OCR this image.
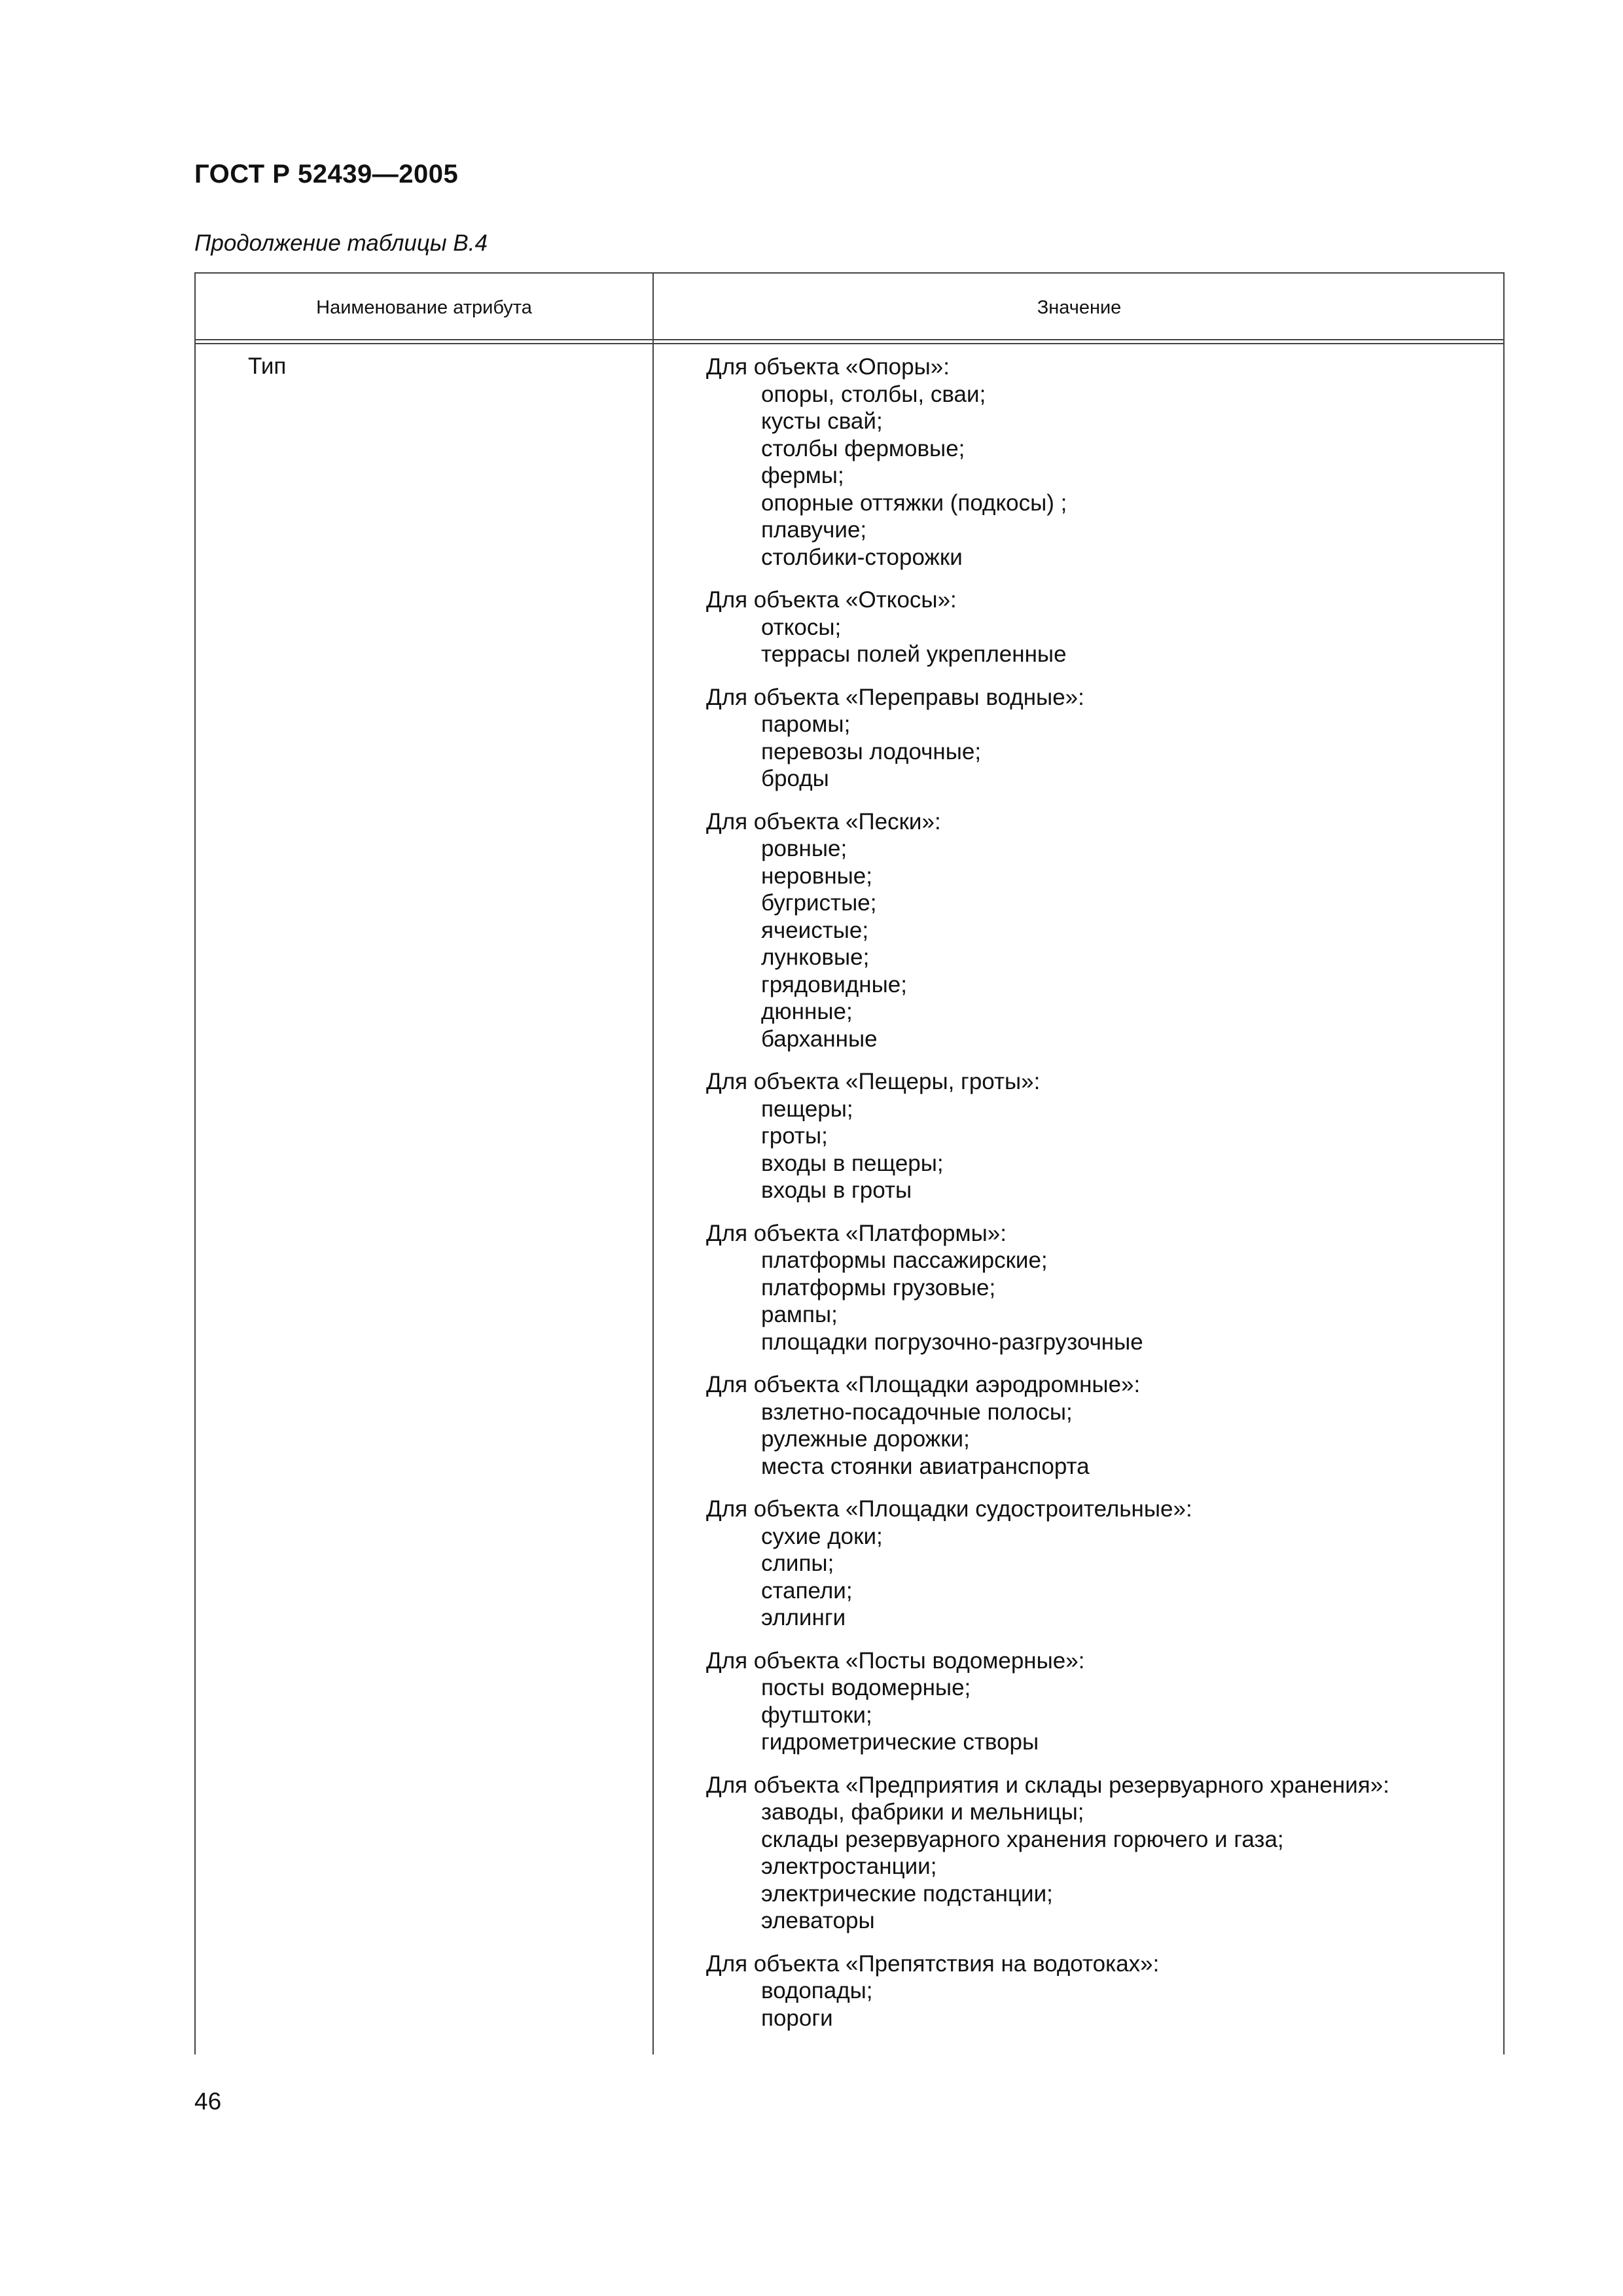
ГОСТ Р 52439—2005
Продолжение таблицы В.4
Наименование атрибута	Значение
Тип	Для объекта «Опоры»:
опоры, столбы, сваи;
кусты свай;
столбы фермовые;
фермы;
опорные оттяжки (подкосы) ;
плавучие;
столбики-сторожки
Для объекта «Откосы»:
откосы;
террасы полей укрепленные
Для объекта «Переправы водные»:
паромы;
перевозы лодочные;
броды
Для объекта «Пески»:
ровные;
неровные;
бугристые;
ячеистые;
лунковые;
грядовидные;
дюнные;
барханные
Для объекта «Пещеры, гроты»:
пещеры;
гроты;
входы в пещеры;
входы в гроты
Для объекта «Платформы»:
платформы пассажирские;
платформы грузовые;
рампы;
площадки погрузочно-разгрузочные
Для объекта «Площадки аэродромные»:
взлетно-посадочные полосы;
рулежные дорожки;
места стоянки авиатранспорта
Для объекта «Площадки судостроительные»:
сухие доки;
слипы;
стапели;
эллинги
Для объекта «Посты водомерные»:
посты водомерные;
футштоки;
гидрометрические створы
Для объекта «Предприятия и склады резервуарного хранения»:
заводы, фабрики и мельницы;
склады резервуарного хранения горючего и газа;
электростанции;
электрические подстанции;
элеваторы
Для объекта «Препятствия на водотоках»:
водопады;
пороги
46
